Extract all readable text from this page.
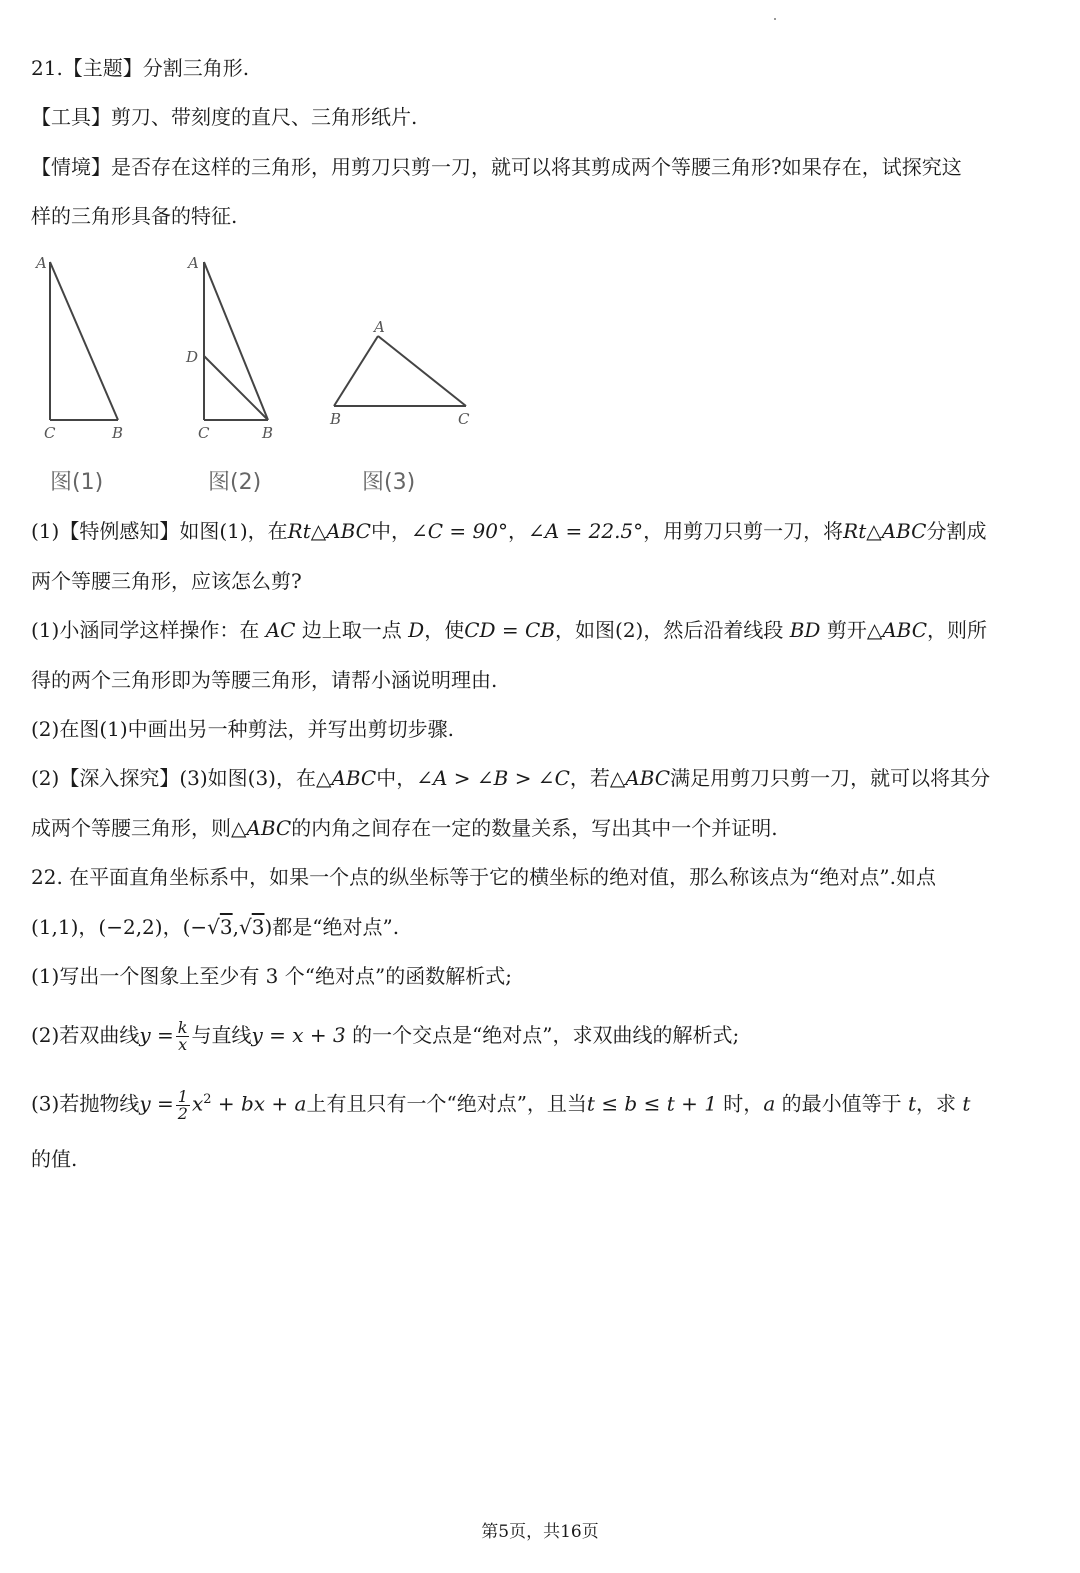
21.【主题】分割三角形.
【工具】剪刀、带刻度的直尺、三角形纸片.
【情境】是否存在这样的三角形，用剪刀只剪一刀，就可以将其剪成两个等腰三角形?如果存在，试探究这
样的三角形具备的特征.
A
C	B
图(1)
A
D
C	B
图(2)
A
B	C
图(3)
(1)【特例感知】如图(1)，在Rt△ABC中，∠C = 90°，∠A = 22.5°，用剪刀只剪一刀，将Rt△ABC分割成
两个等腰三角形，应该怎么剪?
(1)小涵同学这样操作：在 AC 边上取一点 D，使CD = CB，如图(2)，然后沿着线段 BD 剪开△ABC，则所
得的两个三角形即为等腰三角形，请帮小涵说明理由.
(2)在图(1)中画出另一种剪法，并写出剪切步骤.
(2)【深入探究】(3)如图(3)，在△ABC中，∠A > ∠B > ∠C，若△ABC满足用剪刀只剪一刀，就可以将其分
成两个等腰三角形，则△ABC的内角之间存在一定的数量关系，写出其中一个并证明.
22. 在平面直角坐标系中，如果一个点的纵坐标等于它的横坐标的绝对值，那么称该点为“绝对点”.如点
(1,1)，(−2,2)，(−√3,√3)都是“绝对点”.
(1)写出一个图象上至少有 3 个“绝对点”的函数解析式;
(2)若双曲线$y = \frac{k}{x}$ 与直线y = x + 3 的一个交点是“绝对点”，求双曲线的解析式;
(3)若抛物线$y = \frac{1}{2} x^2$ + bx + a上有且只有一个“绝对点”，且当t ≤ b ≤ t + 1 时，a 的最小值等于 t，求 t
的值.
第5页，共16页
